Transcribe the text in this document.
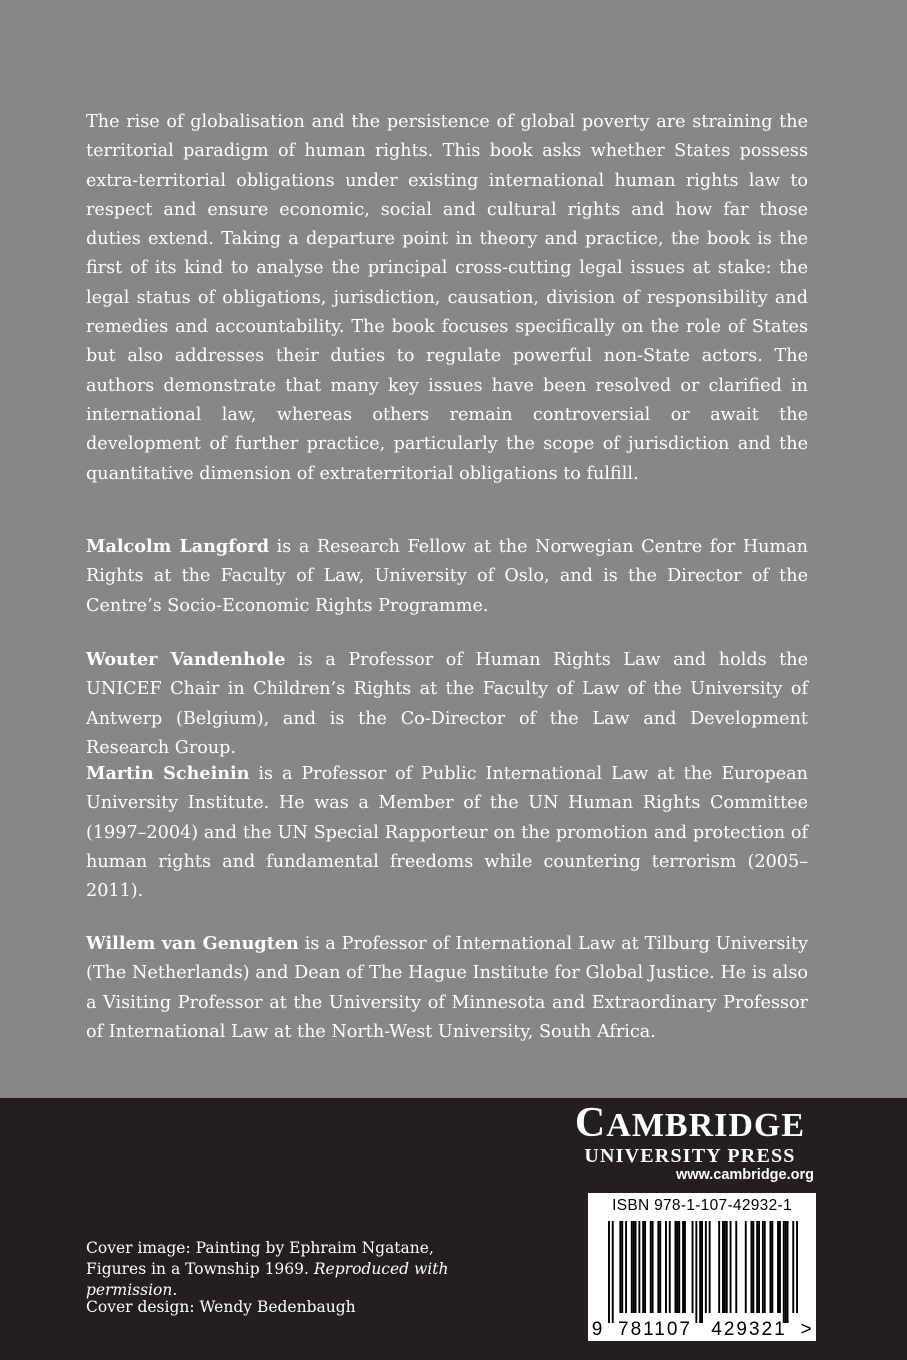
The rise of globalisation and the persistence of global poverty are straining the territorial paradigm of human rights. This book asks whether States possess extra-territorial obligations under existing international human rights law to respect and ensure economic, social and cultural rights and how far those duties extend. Taking a departure point in theory and practice, the book is the first of its kind to analyse the principal cross-cutting legal issues at stake: the legal status of obligations, jurisdiction, causation, division of responsibility and remedies and accountability. The book focuses specifically on the role of States but also addresses their duties to regulate powerful non-State actors. The authors demonstrate that many key issues have been resolved or clarified in international law, whereas others remain controversial or await the development of further practice, particularly the scope of jurisdiction and the quantitative dimension of extraterritorial obligations to fulfill.

Malcolm Langford is a Research Fellow at the Norwegian Centre for Human Rights at the Faculty of Law, University of Oslo, and is the Director of the Centre’s Socio-Economic Rights Programme.

Wouter Vandenhole is a Professor of Human Rights Law and holds the UNICEF Chair in Children’s Rights at the Faculty of Law of the University of Antwerp (Belgium), and is the Co-Director of the Law and Development Research Group.

Martin Scheinin is a Professor of Public International Law at the European University Institute. He was a Member of the UN Human Rights Committee (1997–2004) and the UN Special Rapporteur on the promotion and protection of human rights and fundamental freedoms while countering terrorism (2005–2011).

Willem van Genugten is a Professor of International Law at Tilburg University (The Netherlands) and Dean of The Hague Institute for Global Justice. He is also a Visiting Professor at the University of Minnesota and Extraordinary Professor of International Law at the North-West University, South Africa.

CAMBRIDGE
UNIVERSITY PRESS
www.cambridge.org
ISBN 978-1-107-42932-1
9 781107 429321 >

Cover image: Painting by Ephraim Ngatane, Figures in a Township 1969. Reproduced with permission.

Cover design: Wendy Bedenbaugh
